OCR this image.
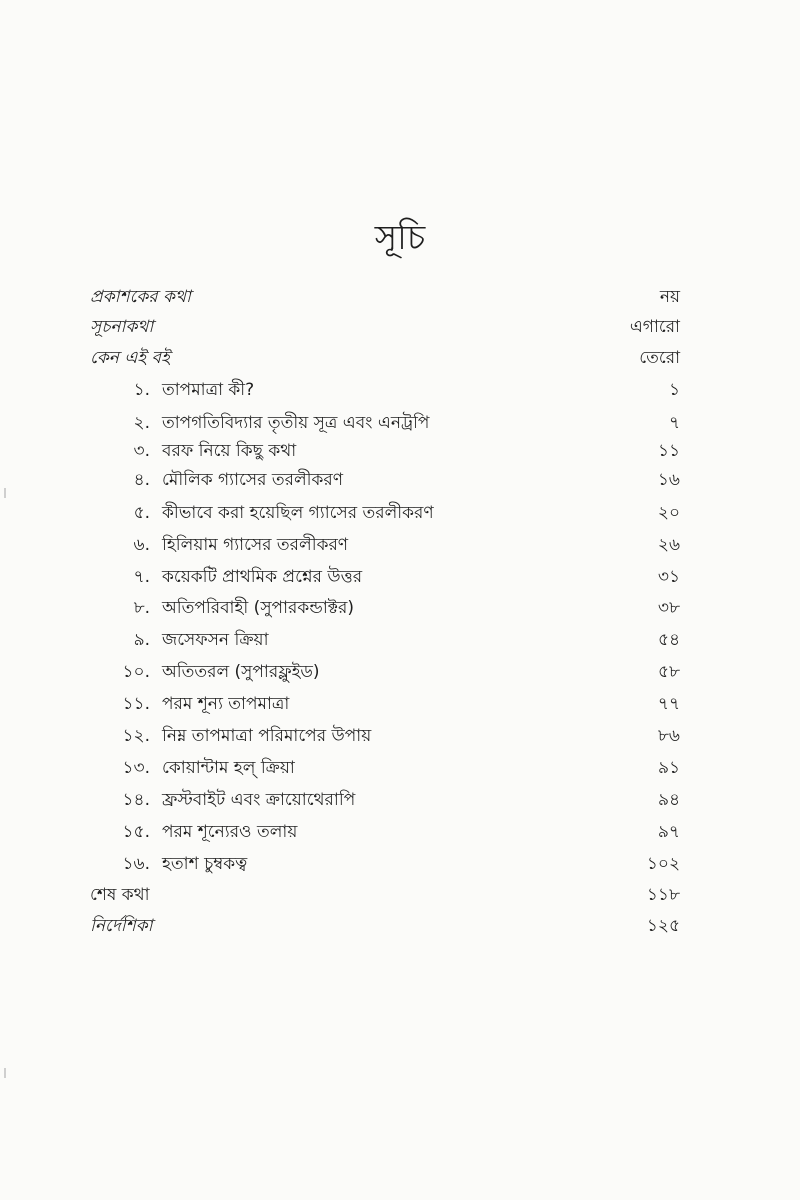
সূচি
প্রকাশকের কথা	নয়
সূচনাকথা	এগারো
কেন এই বই	তেরো
১. তাপমাত্রা কী?	১
২. তাপগতিবিদ্যার তৃতীয় সূত্র এবং এনট্রপি	৭
৩. বরফ নিয়ে কিছু কথা	১১
৪. মৌলিক গ্যাসের তরলীকরণ	১৬
৫. কীভাবে করা হয়েছিল গ্যাসের তরলীকরণ	২০
৬. হিলিয়াম গ্যাসের তরলীকরণ	২৬
৭. কয়েকটি প্রাথমিক প্রশ্নের উত্তর	৩১
৮. অতিপরিবাহী (সুপারকন্ডাক্টর)	৩৮
৯. জসেফসন ক্রিয়া	৫৪
১০. অতিতরল (সুপারফ্লুইড)	৫৮
১১. পরম শূন্য তাপমাত্রা	৭৭
১২. নিম্ন তাপমাত্রা পরিমাপের উপায়	৮৬
১৩. কোয়ান্টাম হল্ ক্রিয়া	৯১
১৪. ফ্রস্টবাইট এবং ক্রায়োথেরাপি	৯৪
১৫. পরম শূন্যেরও তলায়	৯৭
১৬. হতাশ চুম্বকত্ব	১০২
শেষ কথা	১১৮
নির্দেশিকা	১২৫
